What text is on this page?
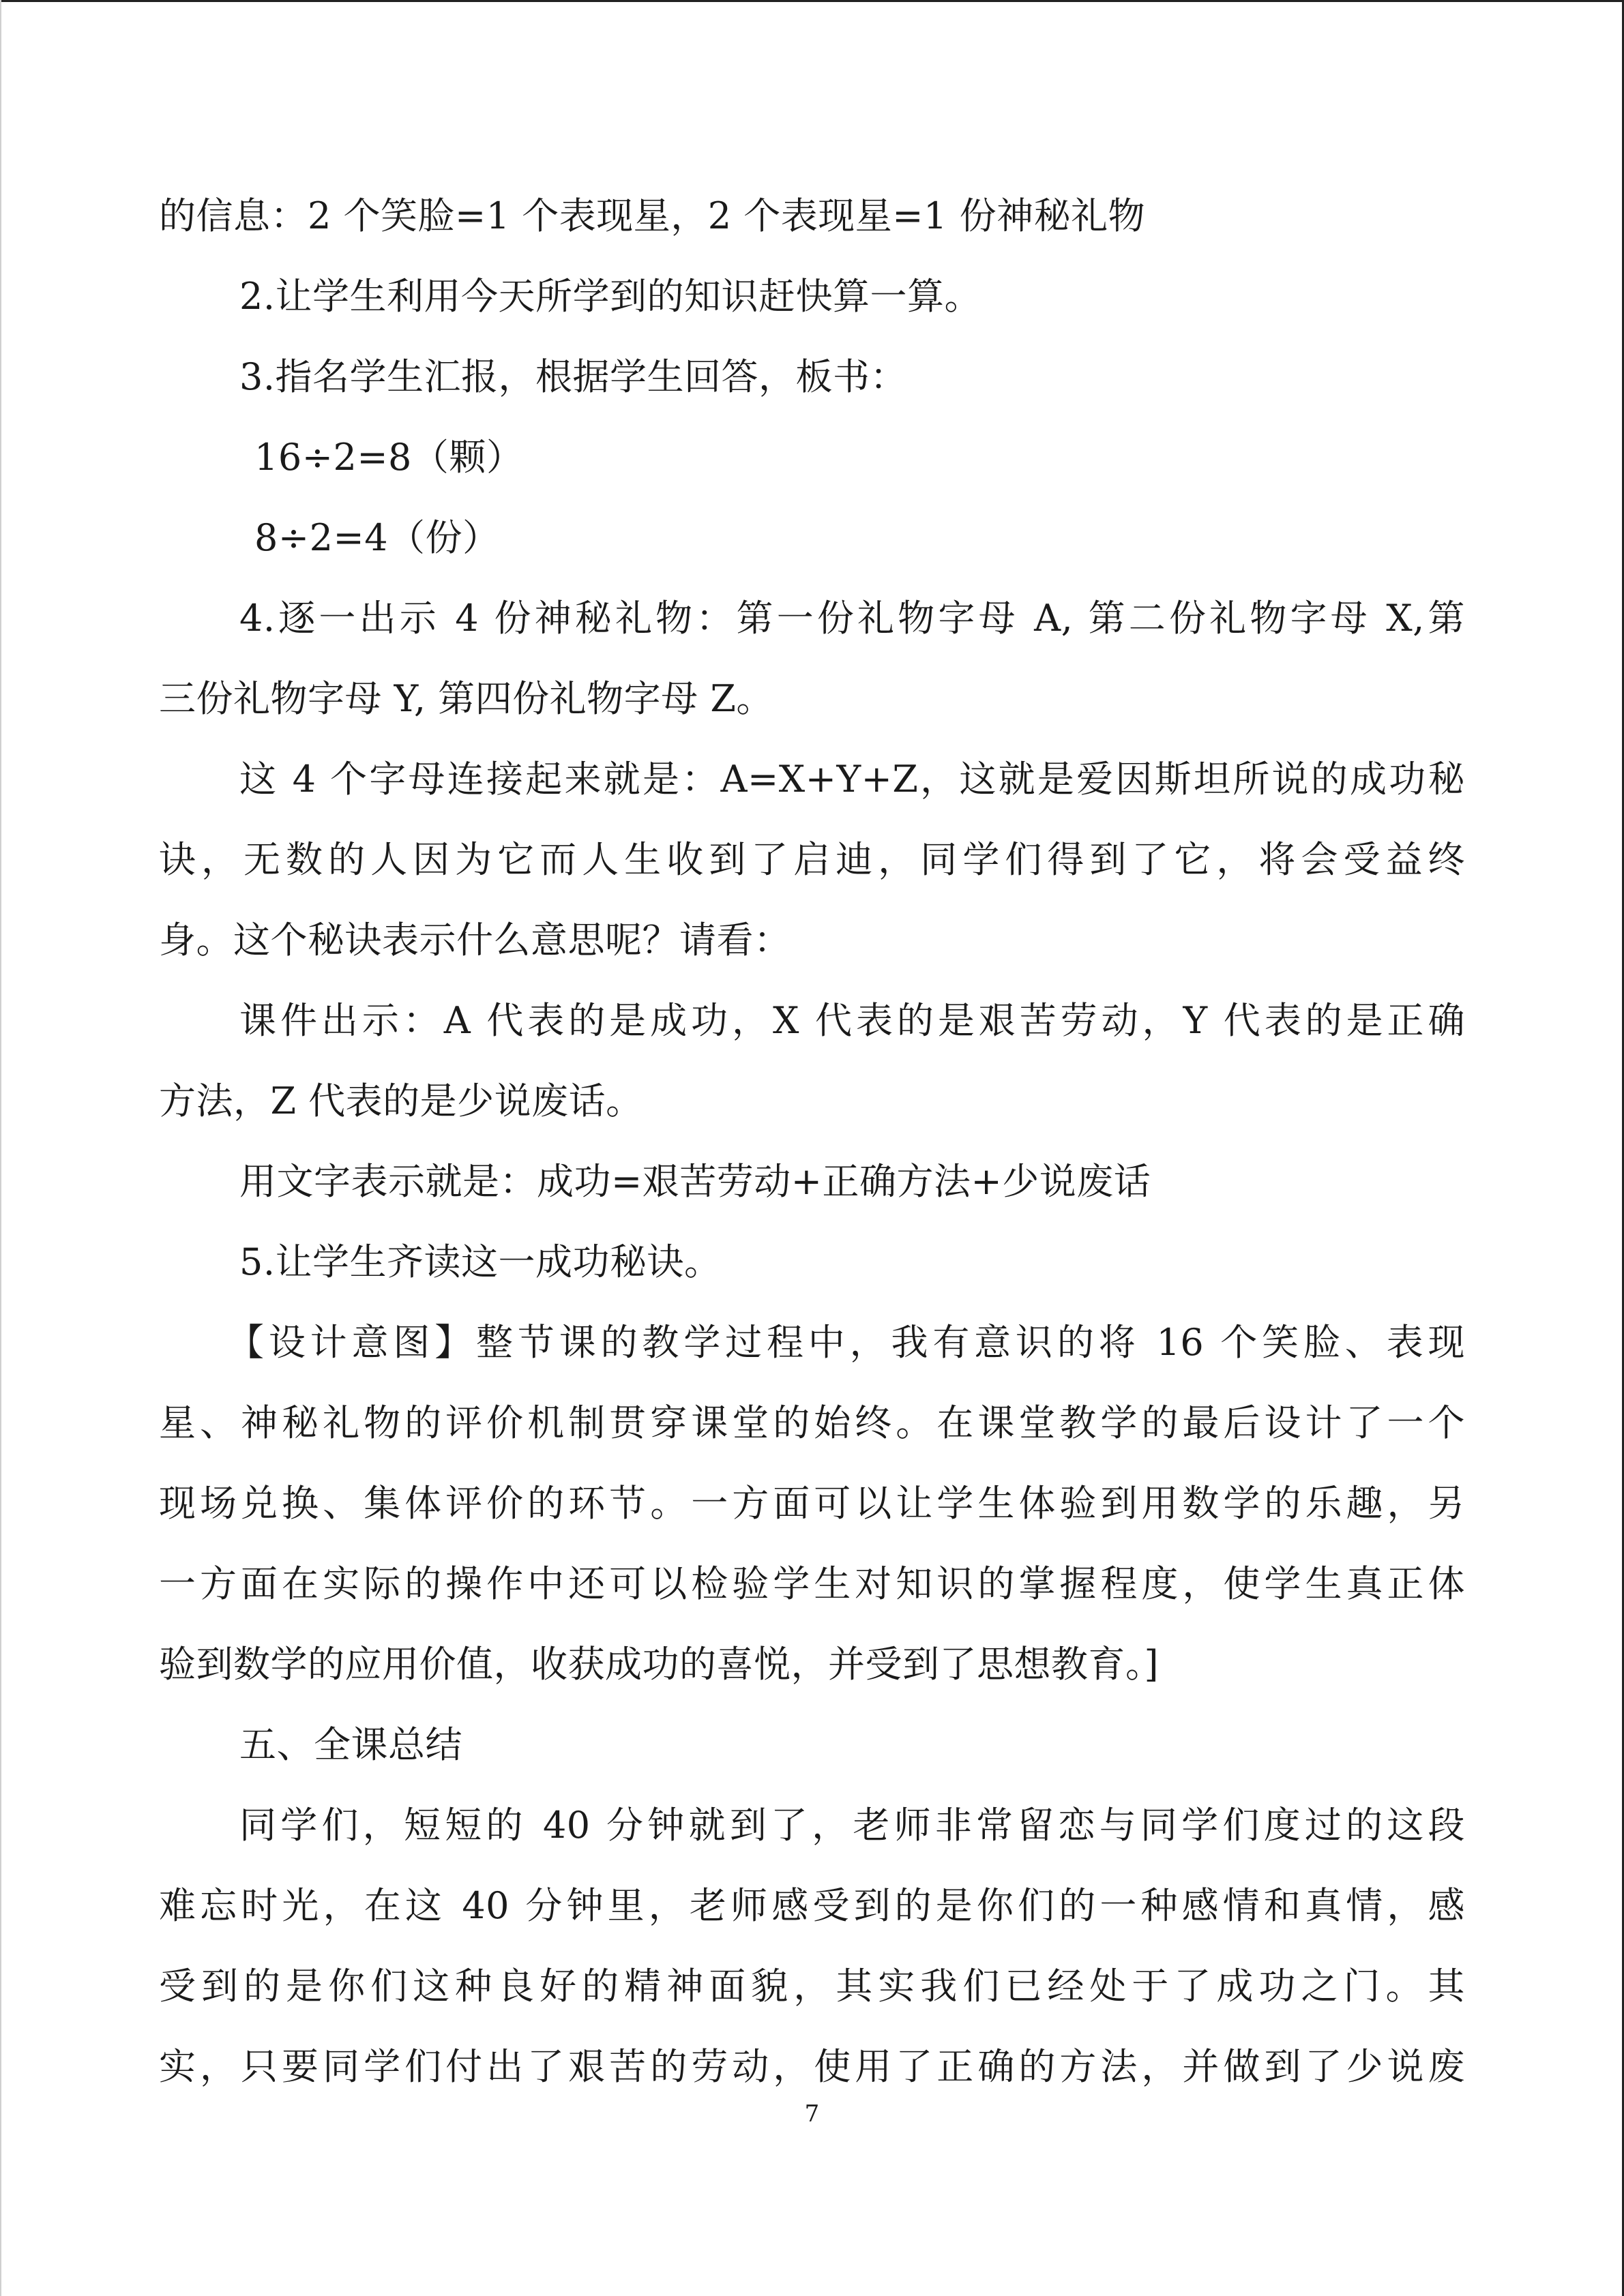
的信息：2 个笑脸=1 个表现星，2 个表现星=1 份神秘礼物
2.让学生利用今天所学到的知识赶快算一算。
3.指名学生汇报，根据学生回答，板书：
16÷2=8（颗）
8÷2=4（份）
4.逐一出示 4 份神秘礼物：第一份礼物字母 A, 第二份礼物字母 X,第
三份礼物字母 Y, 第四份礼物字母 Z。
这 4 个字母连接起来就是：A=X+Y+Z，这就是爱因斯坦所说的成功秘
诀，无数的人因为它而人生收到了启迪，同学们得到了它，将会受益终
身。这个秘诀表示什么意思呢？请看：
课件出示：A 代表的是成功，X 代表的是艰苦劳动，Y 代表的是正确
方法，Z 代表的是少说废话。
用文字表示就是：成功=艰苦劳动+正确方法+少说废话
5.让学生齐读这一成功秘诀。
【设计意图】整节课的教学过程中，我有意识的将 16 个笑脸、表现
星、神秘礼物的评价机制贯穿课堂的始终。在课堂教学的最后设计了一个
现场兑换、集体评价的环节。一方面可以让学生体验到用数学的乐趣，另
一方面在实际的操作中还可以检验学生对知识的掌握程度，使学生真正体
验到数学的应用价值，收获成功的喜悦，并受到了思想教育。]
五、全课总结
同学们，短短的 40 分钟就到了，老师非常留恋与同学们度过的这段
难忘时光，在这 40 分钟里，老师感受到的是你们的一种感情和真情，感
受到的是你们这种良好的精神面貌，其实我们已经处于了成功之门。其
实，只要同学们付出了艰苦的劳动，使用了正确的方法，并做到了少说废
7
